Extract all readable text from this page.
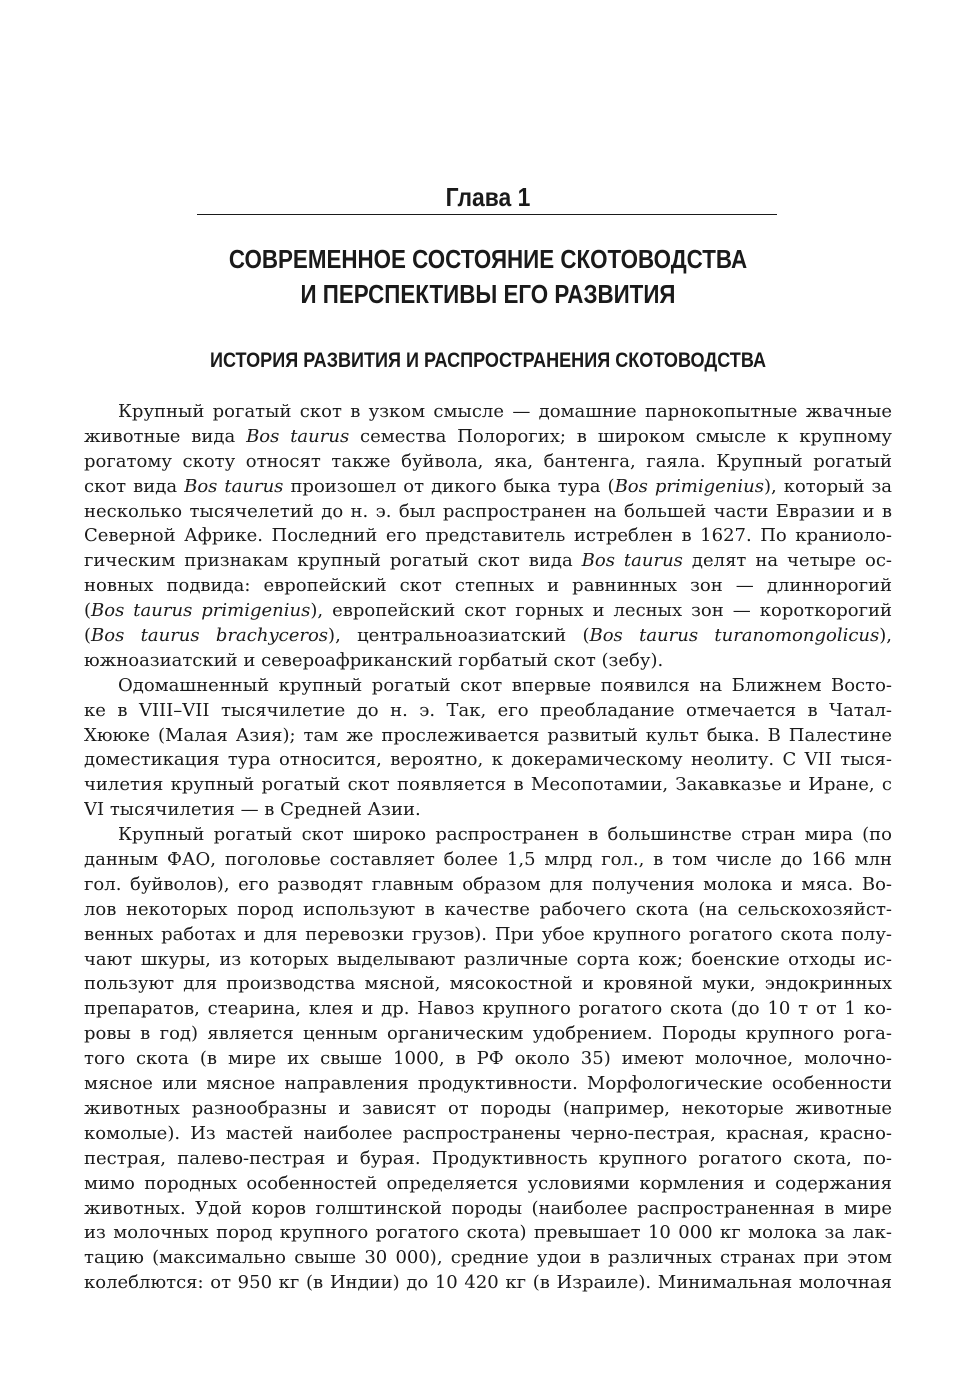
Глава 1
СОВРЕМЕННОЕ СОСТОЯНИЕ СКОТОВОДСТВА
И ПЕРСПЕКТИВЫ ЕГО РАЗВИТИЯ
ИСТОРИЯ РАЗВИТИЯ И РАСПРОСТРАНЕНИЯ СКОТОВОДСТВА
Крупный рогатый скот в узком смысле — домашние парнокопытные жвачные
животные вида Bos taurus семества Полорогих; в широком смысле к крупному
рогатому скоту относят также буйвола, яка, бантенга, гаяла. Крупный рогатый
скот вида Bos taurus произошел от дикого быка тура (Bos primigenius), который за
несколько тысячелетий до н. э. был распространен на большей части Евразии и в
Северной Африке. Последний его представитель истреблен в 1627. По краниоло-
гическим признакам крупный рогатый скот вида Bos taurus делят на четыре ос-
новных подвида: европейский скот степных и равнинных зон — длиннорогий
(Bos taurus primigenius), европейский скот горных и лесных зон — короткорогий
(Bos taurus brachyceros), центральноазиатский (Bos taurus turanomongolicus),
южноазиатский и североафриканский горбатый скот (зебу).
Одомашненный крупный рогатый скот впервые появился на Ближнем Восто-
ке в VIII–VII тысячилетие до н. э. Так, его преобладание отмечается в Чатал-
Хююке (Малая Азия); там же прослеживается развитый культ быка. В Палестине
доместикация тура относится, вероятно, к докерамическому неолиту. С VII тыся-
чилетия крупный рогатый скот появляется в Месопотамии, Закавказье и Иране, с
VI тысячилетия — в Средней Азии.
Крупный рогатый скот широко распространен в большинстве стран мира (по
данным ФАО, поголовье составляет более 1,5 млрд гол., в том числе до 166 млн
гол. буйволов), его разводят главным образом для получения молока и мяса. Во-
лов некоторых пород используют в качестве рабочего скота (на сельскохозяйст-
венных работах и для перевозки грузов). При убое крупного рогатого скота полу-
чают шкуры, из которых выделывают различные сорта кож; боенские отходы ис-
пользуют для производства мясной, мясокостной и кровяной муки, эндокринных
препаратов, стеарина, клея и др. Навоз крупного рогатого скота (до 10 т от 1 ко-
ровы в год) является ценным органическим удобрением. Породы крупного рога-
того скота (в мире их свыше 1000, в РФ около 35) имеют молочное, молочно-
мясное или мясное направления продуктивности. Морфологические особенности
животных разнообразны и зависят от породы (например, некоторые животные
комолые). Из мастей наиболее распространены черно-пестрая, красная, красно-
пестрая, палево-пестрая и бурая. Продуктивность крупного рогатого скота, по-
мимо породных особенностей определяется условиями кормления и содержания
животных. Удой коров голштинской породы (наиболее распространенная в мире
из молочных пород крупного рогатого скота) превышает 10 000 кг молока за лак-
тацию (максимально свыше 30 000), средние удои в различных странах при этом
колеблются: от 950 кг (в Индии) до 10 420 кг (в Израиле). Минимальная молочная
